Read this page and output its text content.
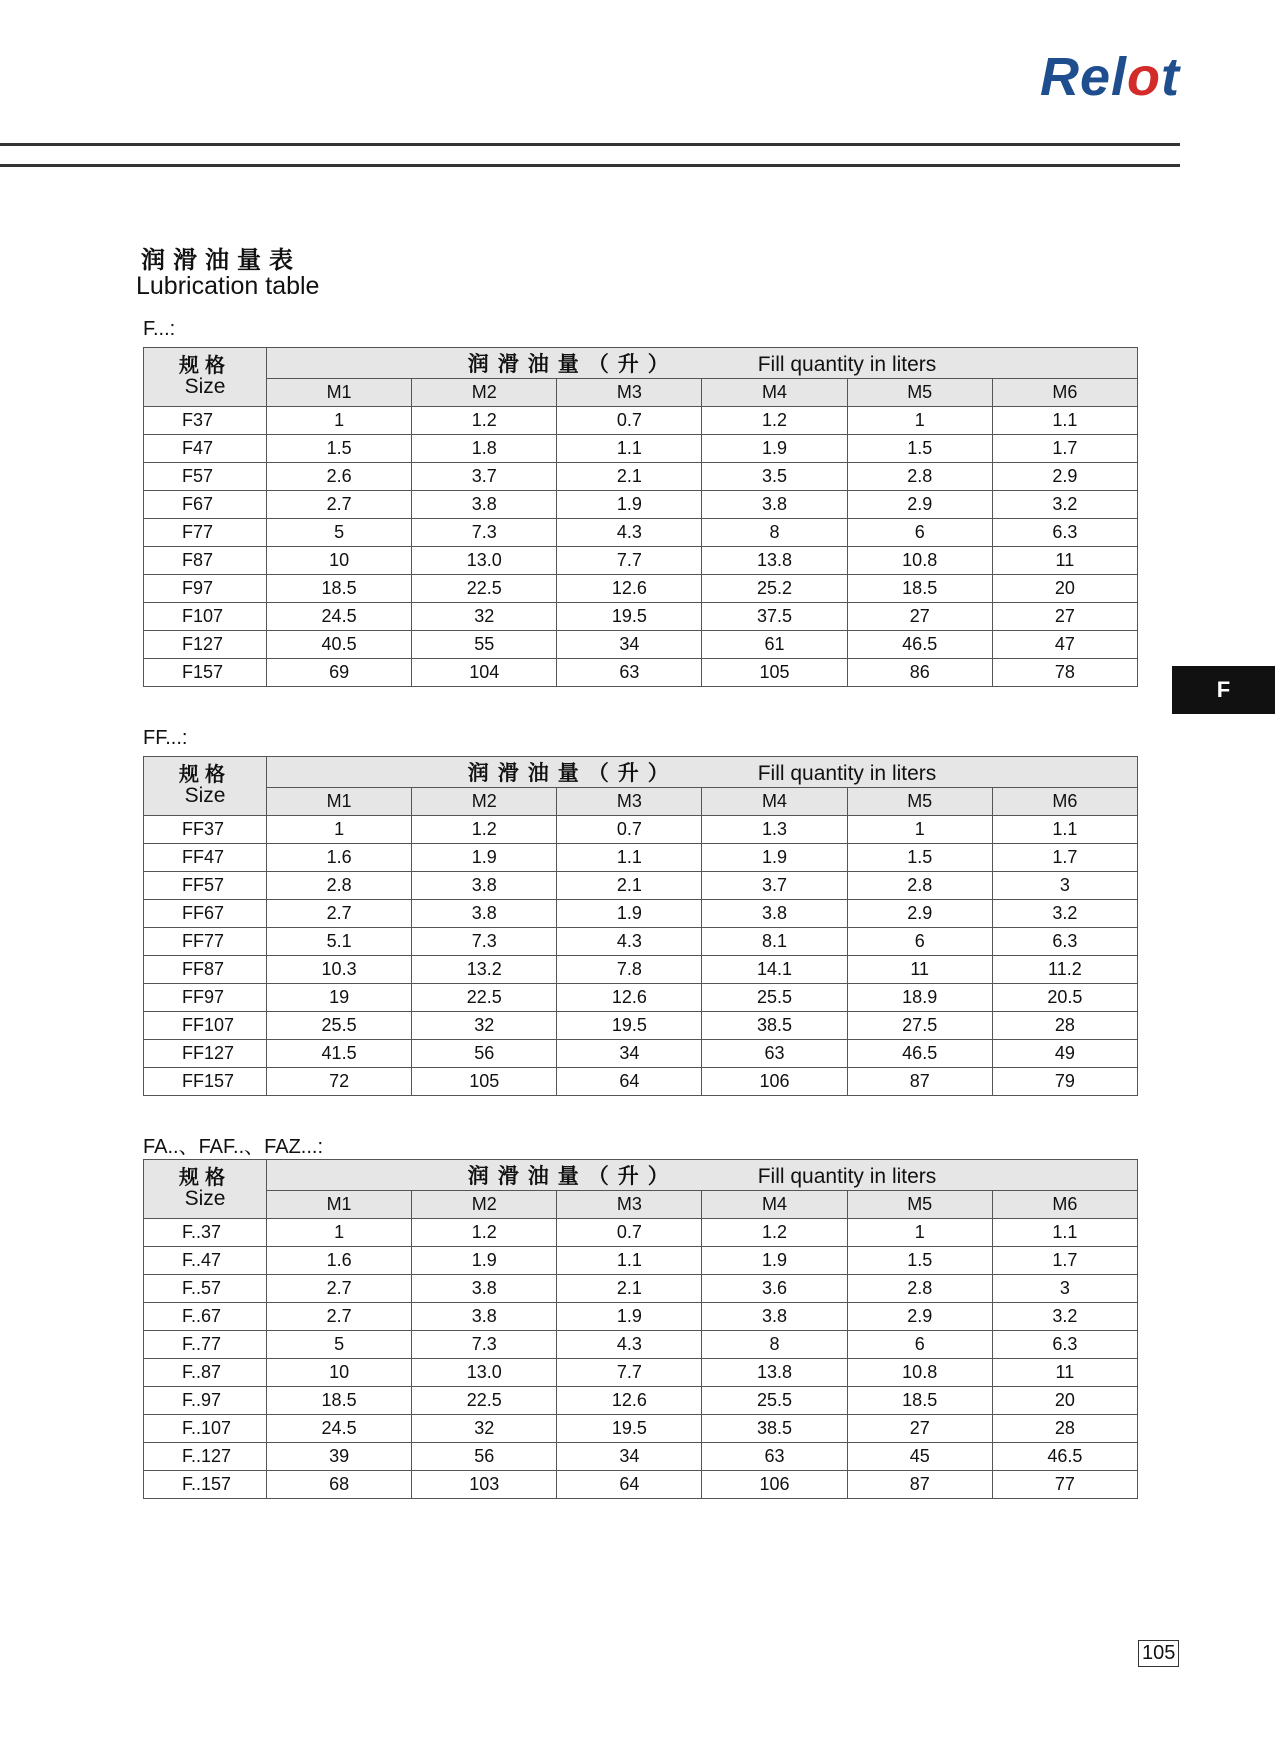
Relot
润滑油量表
Lubrication table
F
105
F...:
规格
Size	润滑油量（升） Fill quantity in liters					
	M1	M2	M3	M4	M5	M6
F37	1	1.2	0.7	1.2	1	1.1
F47	1.5	1.8	1.1	1.9	1.5	1.7
F57	2.6	3.7	2.1	3.5	2.8	2.9
F67	2.7	3.8	1.9	3.8	2.9	3.2
F77	5	7.3	4.3	8	6	6.3
F87	10	13.0	7.7	13.8	10.8	11
F97	18.5	22.5	12.6	25.2	18.5	20
F107	24.5	32	19.5	37.5	27	27
F127	40.5	55	34	61	46.5	47
F157	69	104	63	105	86	78
FF...:
规格
Size	润滑油量（升） Fill quantity in liters					
	M1	M2	M3	M4	M5	M6
FF37	1	1.2	0.7	1.3	1	1.1
FF47	1.6	1.9	1.1	1.9	1.5	1.7
FF57	2.8	3.8	2.1	3.7	2.8	3
FF67	2.7	3.8	1.9	3.8	2.9	3.2
FF77	5.1	7.3	4.3	8.1	6	6.3
FF87	10.3	13.2	7.8	14.1	11	11.2
FF97	19	22.5	12.6	25.5	18.9	20.5
FF107	25.5	32	19.5	38.5	27.5	28
FF127	41.5	56	34	63	46.5	49
FF157	72	105	64	106	87	79
FA..、FAF..、FAZ...:
规格
Size	润滑油量（升） Fill quantity in liters					
	M1	M2	M3	M4	M5	M6
F..37	1	1.2	0.7	1.2	1	1.1
F..47	1.6	1.9	1.1	1.9	1.5	1.7
F..57	2.7	3.8	2.1	3.6	2.8	3
F..67	2.7	3.8	1.9	3.8	2.9	3.2
F..77	5	7.3	4.3	8	6	6.3
F..87	10	13.0	7.7	13.8	10.8	11
F..97	18.5	22.5	12.6	25.5	18.5	20
F..107	24.5	32	19.5	38.5	27	28
F..127	39	56	34	63	45	46.5
F..157	68	103	64	106	87	77
